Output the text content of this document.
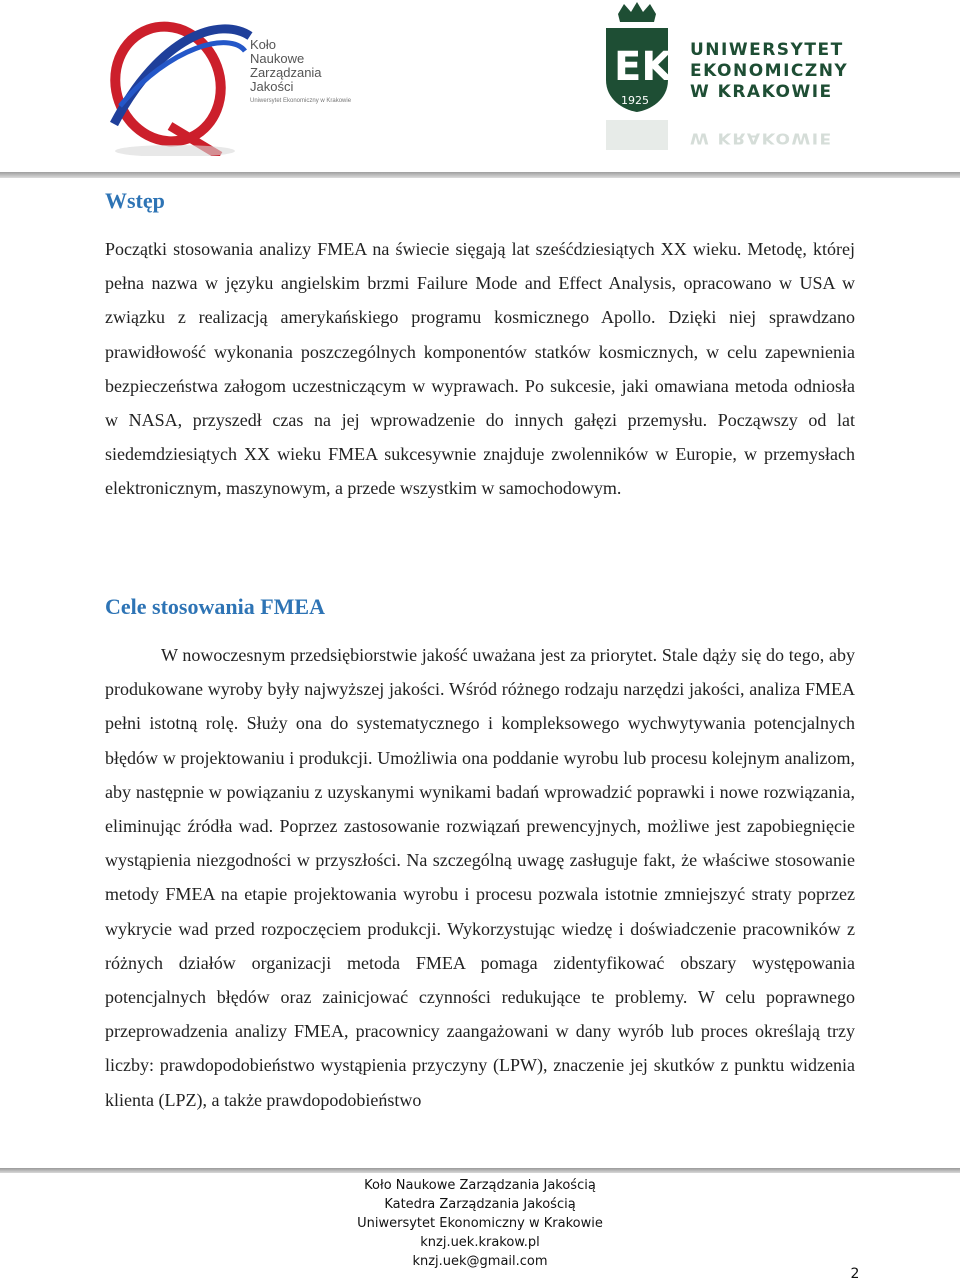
Koło
Naukowe
Zarządzania
Jakości
Uniwersytet Ekonomiczny w Krakowie
EK
1925
UNIWERSYTET
EKONOMICZNY
W KRAKOWIE
W KRAKOWIE
Wstęp

Początki stosowania analizy FMEA na świecie sięgają lat sześćdziesiątych XX wieku. Metodę, której pełna nazwa w języku angielskim brzmi Failure Mode and Effect Analysis, opracowano w USA w związku z realizacją amerykańskiego programu kosmicznego Apollo. Dzięki niej sprawdzano prawidłowość wykonania poszczególnych komponentów statków kosmicznych, w celu zapewnienia bezpieczeństwa załogom uczestniczącym w wyprawach. Po sukcesie, jaki omawiana metoda odniosła w NASA, przyszedł czas na jej wprowadzenie do innych gałęzi przemysłu. Począwszy od lat siedemdziesiątych XX wieku FMEA sukcesywnie znajduje zwolenników w Europie, w przemysłach elektronicznym, maszynowym, a przede wszystkim w samochodowym.

Cele stosowania FMEA

W nowoczesnym przedsiębiorstwie jakość uważana jest za priorytet. Stale dąży się do tego, aby produkowane wyroby były najwyższej jakości. Wśród różnego rodzaju narzędzi jakości, analiza FMEA pełni istotną rolę. Służy ona do systematycznego i kompleksowego wychwytywania potencjalnych błędów w projektowaniu i produkcji. Umożliwia ona poddanie wyrobu lub procesu kolejnym analizom, aby następnie w powiązaniu z uzyskanymi wynikami badań wprowadzić poprawki i nowe rozwiązania, eliminując źródła wad. Poprzez zastosowanie rozwiązań prewencyjnych, możliwe jest zapobiegnięcie wystąpienia niezgodności w przyszłości. Na szczególną uwagę zasługuje fakt, że właściwe stosowanie metody FMEA na etapie projektowania wyrobu i procesu pozwala istotnie zmniejszyć straty poprzez wykrycie wad przed rozpoczęciem produkcji. Wykorzystując wiedzę i doświadczenie pracowników z różnych działów organizacji metoda FMEA pomaga zidentyfikować obszary występowania potencjalnych błędów oraz zainicjować czynności redukujące te problemy. W celu poprawnego przeprowadzenia analizy FMEA, pracownicy zaangażowani w dany wyrób lub proces określają trzy liczby: prawdopodobieństwo wystąpienia przyczyny (LPW), znaczenie jej skutków z punktu widzenia klienta (LPZ), a także prawdopodobieństwo

Koło Naukowe Zarządzania Jakością
Katedra Zarządzania Jakością
Uniwersytet Ekonomiczny w Krakowie
knzj.uek.krakow.pl
knzj.uek@gmail.com
2
